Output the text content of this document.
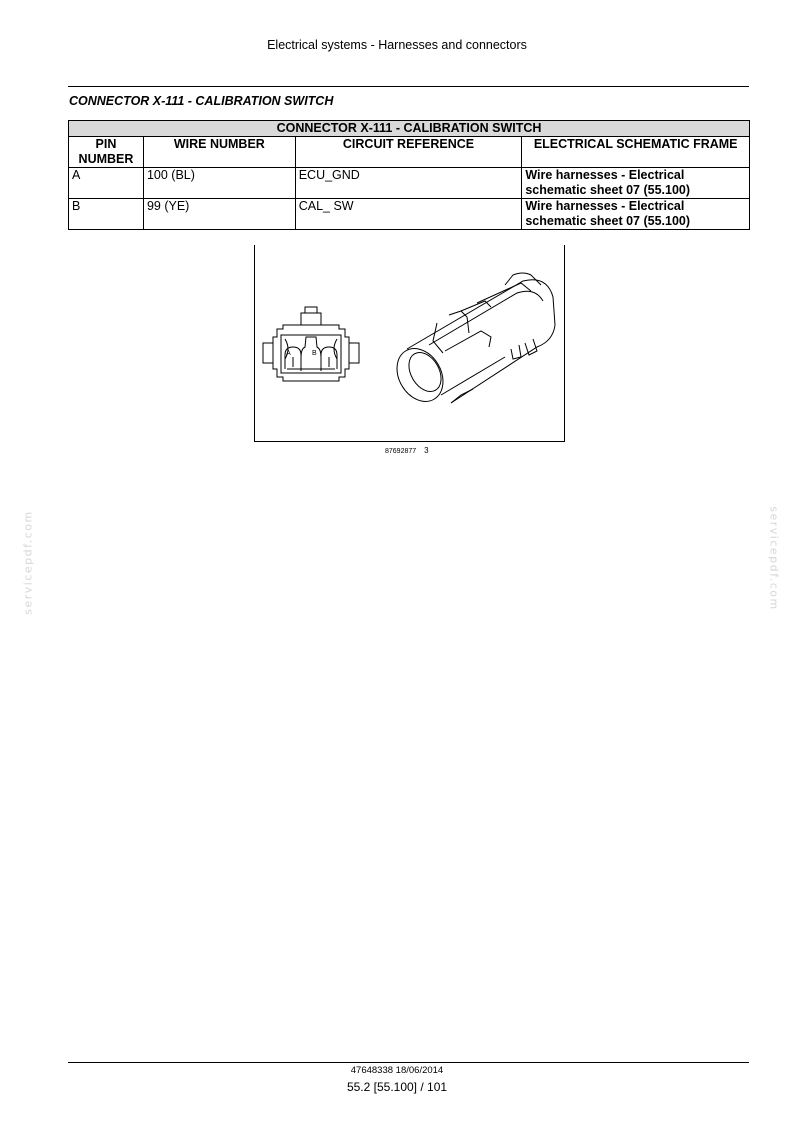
Electrical systems - Harnesses and connectors
CONNECTOR X-111 - CALIBRATION SWITCH
CONNECTOR X-111 - CALIBRATION SWITCH			
PIN NUMBER	WIRE NUMBER	CIRCUIT REFERENCE	ELECTRICAL SCHEMATIC FRAME
A	100 (BL)	ECU_GND	Wire harnesses - Electrical schematic sheet 07 (55.100)
B	99 (YE)	CAL_ SW	Wire harnesses - Electrical schematic sheet 07 (55.100)
A	B
87692877 3
servicepdf.com	servicepdf.com
47648338 18/06/2014
55.2 [55.100] / 101
